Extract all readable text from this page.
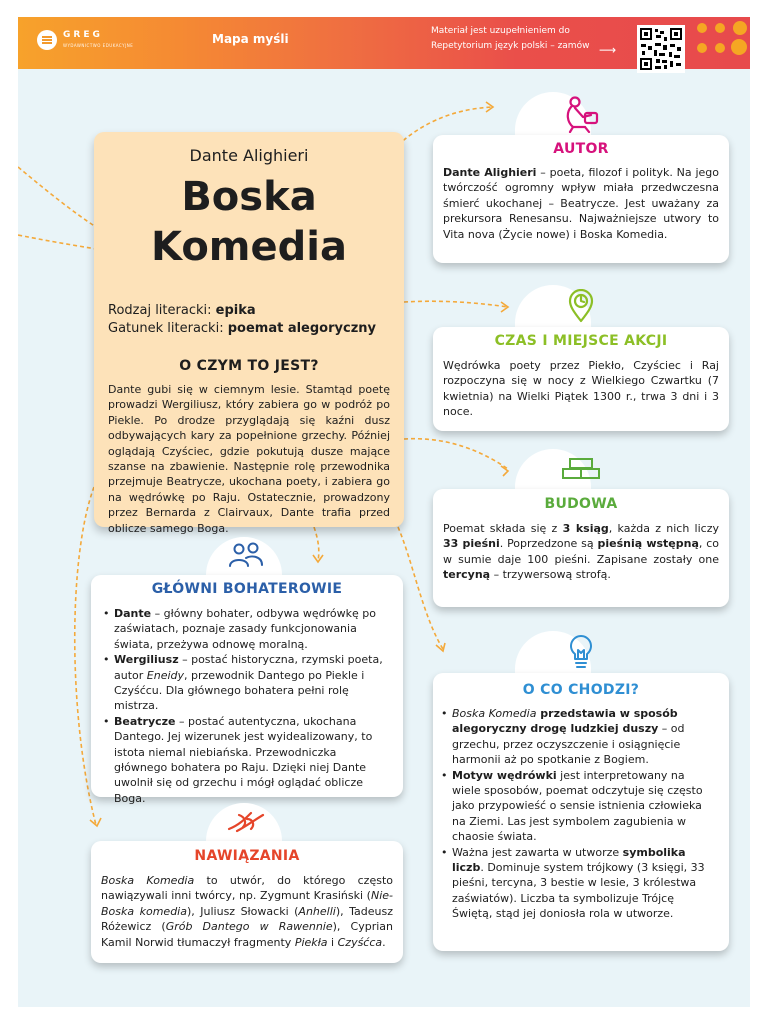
GREG
WYDAWNICTWO EDUKACYJNE	Mapa myśli
Materiał jest uzupełnieniem do
Repetytorium język polski – zamów ⟶
Dante Alighieri
Boska
Komedia
Rodzaj literacki: epika
Gatunek literacki: poemat alegoryczny
O CZYM TO JEST?
Dante gubi się w ciemnym lesie. Stamtąd poetę prowadzi Wergiliusz, który zabiera go w podróż po Piekle. Po drodze przyglądają się kaźni dusz odbywających kary za popełnione grzechy. Później oglądają Czyściec, gdzie pokutują dusze mające szanse na zbawienie. Następnie rolę przewodnika przejmuje Beatrycze, ukochana poety, i zabiera go na wędrówkę po Raju. Ostatecznie, prowadzony przez Bernarda z Clairvaux, Dante trafia przed oblicze samego Boga.
AUTOR
Dante Alighieri – poeta, filozof i polityk. Na jego twórczość ogromny wpływ miała przedwczesna śmierć ukochanej – Beatrycze. Jest uważany za prekursora Renesansu. Najważniejsze utwory to Vita nova (Życie nowe) i Boska Komedia.
CZAS I MIEJSCE AKCJI
Wędrówka poety przez Piekło, Czyściec i Raj rozpoczyna się w nocy z Wielkiego Czwartku (7 kwietnia) na Wielki Piątek 1300 r., trwa 3 dni i 3 noce.
BUDOWA
Poemat składa się z 3 ksiąg, każda z nich liczy 33 pieśni. Poprzedzone są pieśnią wstępną, co w sumie daje 100 pieśni. Zapisane zostały one tercyną – trzywersową strofą.
GŁÓWNI BOHATEROWIE
• Dante – główny bohater, odbywa wędrówkę po zaświatach, poznaje zasady funkcjonowania świata, przeżywa odnowę moralną.
• Wergiliusz – postać historyczna, rzymski poeta, autor Eneidy, przewodnik Dantego po Piekle i Czyśćcu. Dla głównego bohatera pełni rolę mistrza.
• Beatrycze – postać autentyczna, ukochana Dantego. Jej wizerunek jest wyidealizowany, to istota niemal niebiańska. Przewodniczka głównego bohatera po Raju. Dzięki niej Dante uwolnił się od grzechu i mógł oglądać oblicze Boga.
O CO CHODZI?
• Boska Komedia przedstawia w sposób alegoryczny drogę ludzkiej duszy – od grzechu, przez oczyszczenie i osiągnięcie harmonii aż po spotkanie z Bogiem.
• Motyw wędrówki jest interpretowany na wiele sposobów, poemat odczytuje się często jako przypowieść o sensie istnienia człowieka na Ziemi. Las jest symbolem zagubienia w chaosie świata.
• Ważna jest zawarta w utworze symbolika liczb. Dominuje system trójkowy (3 księgi, 33 pieśni, tercyna, 3 bestie w lesie, 3 królestwa zaświatów). Liczba ta symbolizuje Trójcę Świętą, stąd jej doniosła rola w utworze.
NAWIĄZANIA
Boska Komedia to utwór, do którego często nawiązywali inni twórcy, np. Zygmunt Krasiński (Nie-Boska komedia), Juliusz Słowacki (Anhelli), Tadeusz Różewicz (Grób Dantego w Rawennie), Cyprian Kamil Norwid tłumaczył fragmenty Piekła i Czyśćca.
